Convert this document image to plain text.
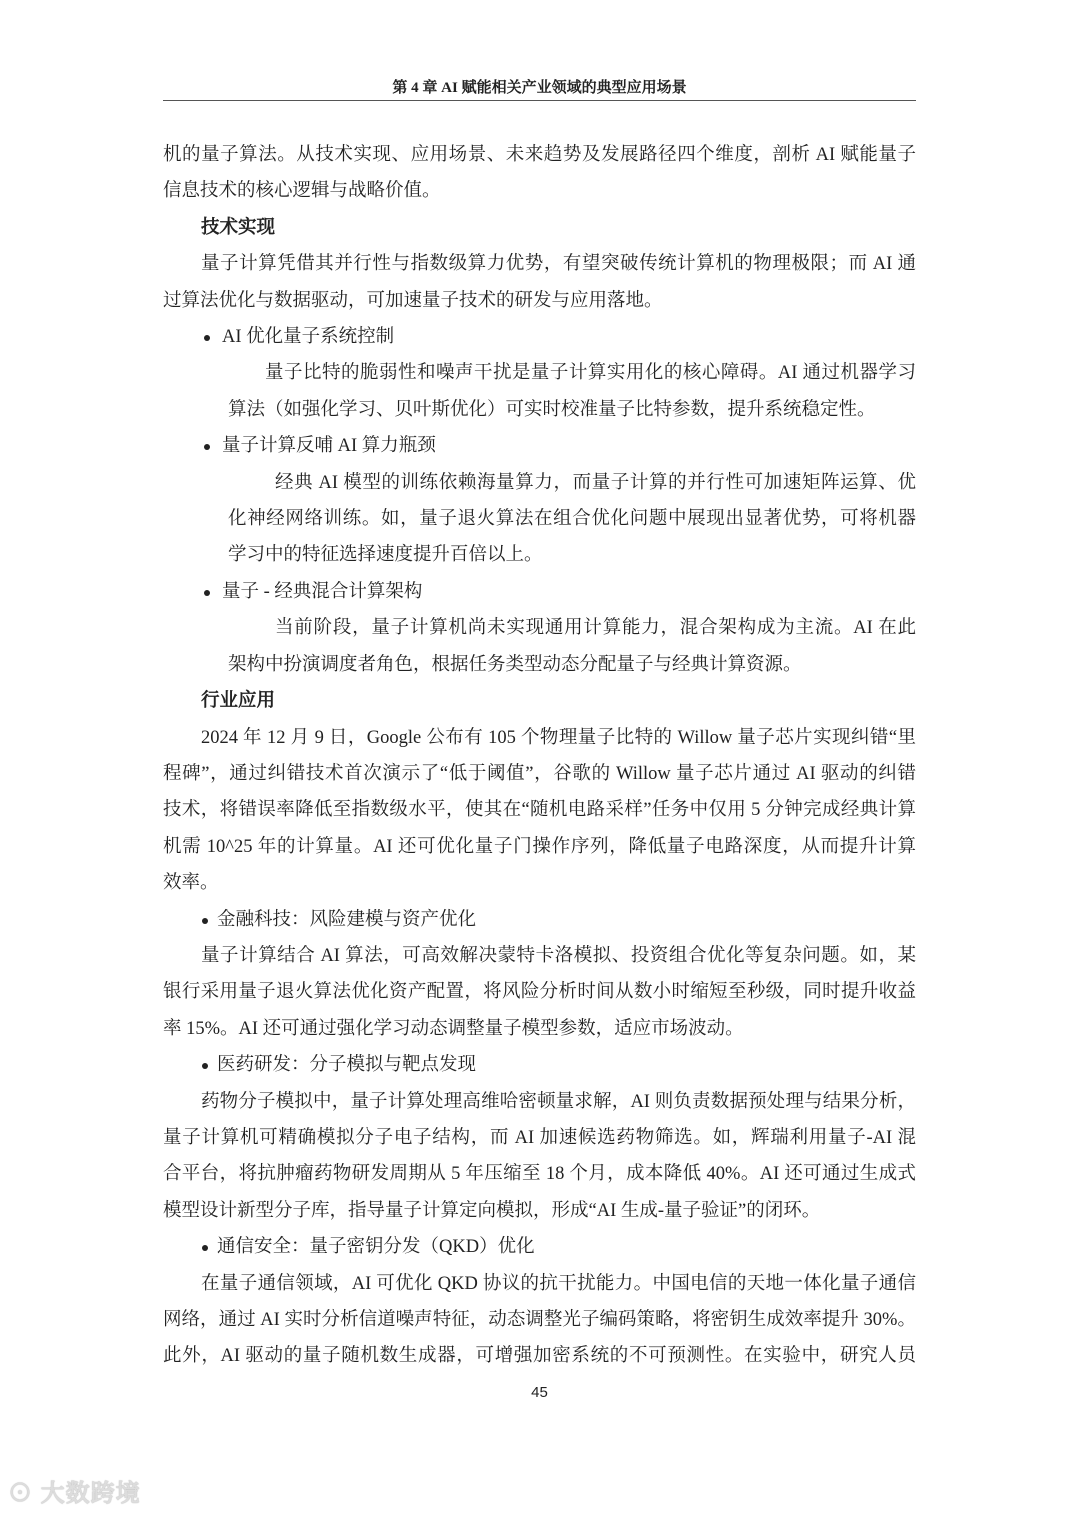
第 4 章 AI 赋能相关产业领域的典型应用场景
机的量子算法。从技术实现、应用场景、未来趋势及发展路径四个维度，剖析 AI 赋能量子
信息技术的核心逻辑与战略价值。
技术实现
量子计算凭借其并行性与指数级算力优势，有望突破传统计算机的物理极限；而 AI 通
过算法优化与数据驱动，可加速量子技术的研发与应用落地。
AI 优化量子系统控制
量子比特的脆弱性和噪声干扰是量子计算实用化的核心障碍。AI 通过机器学习
算法（如强化学习、贝叶斯优化）可实时校准量子比特参数，提升系统稳定性。
量子计算反哺 AI 算力瓶颈
经典 AI 模型的训练依赖海量算力，而量子计算的并行性可加速矩阵运算、优
化神经网络训练。如，量子退火算法在组合优化问题中展现出显著优势，可将机器
学习中的特征选择速度提升百倍以上。
量子 - 经典混合计算架构
当前阶段，量子计算机尚未实现通用计算能力，混合架构成为主流。AI 在此
架构中扮演调度者角色，根据任务类型动态分配量子与经典计算资源。
行业应用
2024 年 12 月 9 日，Google 公布有 105 个物理量子比特的 Willow 量子芯片实现纠错“里
程碑”，通过纠错技术首次演示了“低于阈值”，谷歌的 Willow 量子芯片通过 AI 驱动的纠错
技术，将错误率降低至指数级水平，使其在“随机电路采样”任务中仅用 5 分钟完成经典计算
机需 10^25 年的计算量。AI 还可优化量子门操作序列，降低量子电路深度，从而提升计算
效率。
金融科技：风险建模与资产优化
量子计算结合 AI 算法，可高效解决蒙特卡洛模拟、投资组合优化等复杂问题。如，某
银行采用量子退火算法优化资产配置，将风险分析时间从数小时缩短至秒级，同时提升收益
率 15%。AI 还可通过强化学习动态调整量子模型参数，适应市场波动。
医药研发：分子模拟与靶点发现
药物分子模拟中，量子计算处理高维哈密顿量求解，AI 则负责数据预处理与结果分析，
量子计算机可精确模拟分子电子结构，而 AI 加速候选药物筛选。如，辉瑞利用量子-AI 混
合平台，将抗肿瘤药物研发周期从 5 年压缩至 18 个月，成本降低 40%。AI 还可通过生成式
模型设计新型分子库，指导量子计算定向模拟，形成“AI 生成-量子验证”的闭环。
通信安全：量子密钥分发（QKD）优化
在量子通信领域，AI 可优化 QKD 协议的抗干扰能力。中国电信的天地一体化量子通信
网络，通过 AI 实时分析信道噪声特征，动态调整光子编码策略，将密钥生成效率提升 30%。
此外，AI 驱动的量子随机数生成器，可增强加密系统的不可预测性。在实验中，研究人员
45
⊙ 大数跨境
